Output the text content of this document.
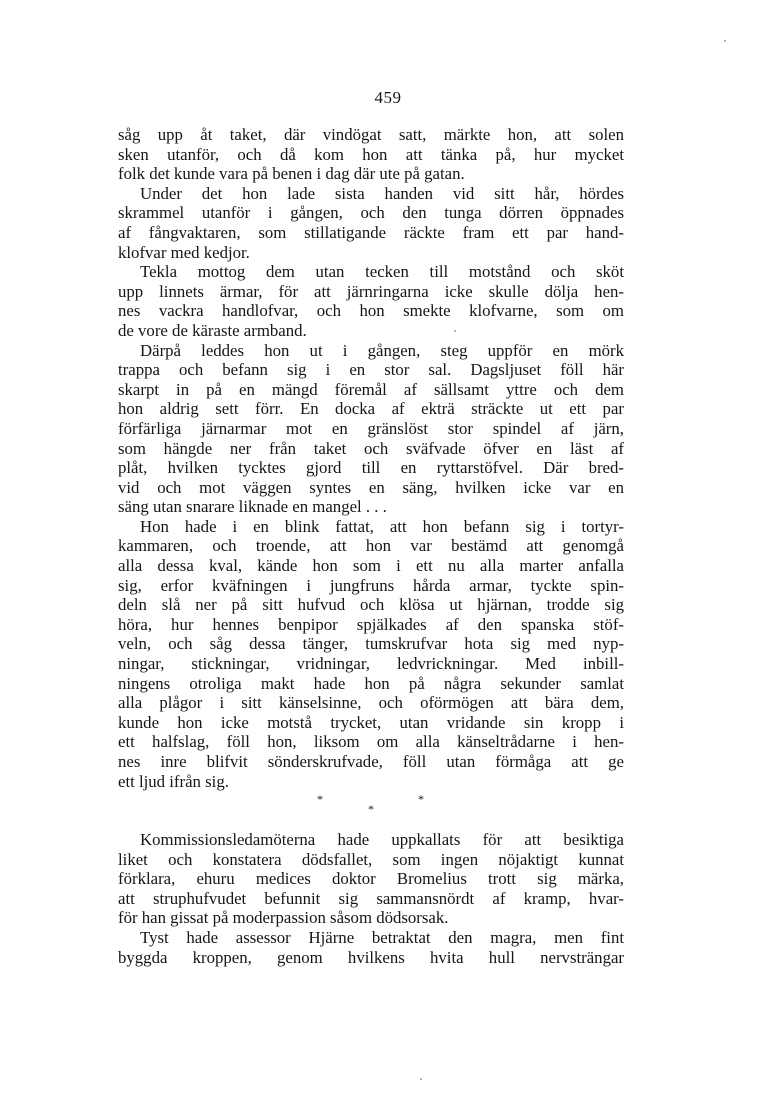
459
såg upp åt taket, där vindögat satt, märkte hon, att solen
sken utanför, och då kom hon att tänka på, hur mycket
folk det kunde vara på benen i dag där ute på gatan.
Under det hon lade sista handen vid sitt hår, hördes
skrammel utanför i gången, och den tunga dörren öppnades
af fångvaktaren, som stillatigande räckte fram ett par hand-
klofvar med kedjor.
Tekla mottog dem utan tecken till motstånd och sköt
upp linnets ärmar, för att järnringarna icke skulle dölja hen-
nes vackra handlofvar, och hon smekte klofvarne, som om
de vore de käraste armband.
Därpå leddes hon ut i gången, steg uppför en mörk
trappa och befann sig i en stor sal. Dagsljuset föll här
skarpt in på en mängd föremål af sällsamt yttre och dem
hon aldrig sett förr. En docka af ekträ sträckte ut ett par
förfärliga järnarmar mot en gränslöst stor spindel af järn,
som hängde ner från taket och sväfvade öfver en läst af
plåt, hvilken tycktes gjord till en ryttarstöfvel. Där bred-
vid och mot väggen syntes en säng, hvilken icke var en
säng utan snarare liknade en mangel . . .
Hon hade i en blink fattat, att hon befann sig i tortyr-
kammaren, och troende, att hon var bestämd att genomgå
alla dessa kval, kände hon som i ett nu alla marter anfalla
sig, erfor kväfningen i jungfruns hårda armar, tyckte spin-
deln slå ner på sitt hufvud och klösa ut hjärnan, trodde sig
höra, hur hennes benpipor spjälkades af den spanska stöf-
veln, och såg dessa tänger, tumskrufvar hota sig med nyp-
ningar, stickningar, vridningar, ledvrickningar. Med inbill-
ningens otroliga makt hade hon på några sekunder samlat
alla plågor i sitt känselsinne, och oförmögen att bära dem,
kunde hon icke motstå trycket, utan vridande sin kropp i
ett halfslag, föll hon, liksom om alla känseltrådarne i hen-
nes inre blifvit sönderskrufvade, föll utan förmåga att ge
ett ljud ifrån sig.
*
*
*
Kommissionsledamöterna hade uppkallats för att besiktiga
liket och konstatera dödsfallet, som ingen nöjaktigt kunnat
förklara, ehuru medices doktor Bromelius trott sig märka,
att struphufvudet befunnit sig sammansnördt af kramp, hvar-
för han gissat på moderpassion såsom dödsorsak.
Tyst hade assessor Hjärne betraktat den magra, men fint
byggda kroppen, genom hvilkens hvita hull nervsträngar
